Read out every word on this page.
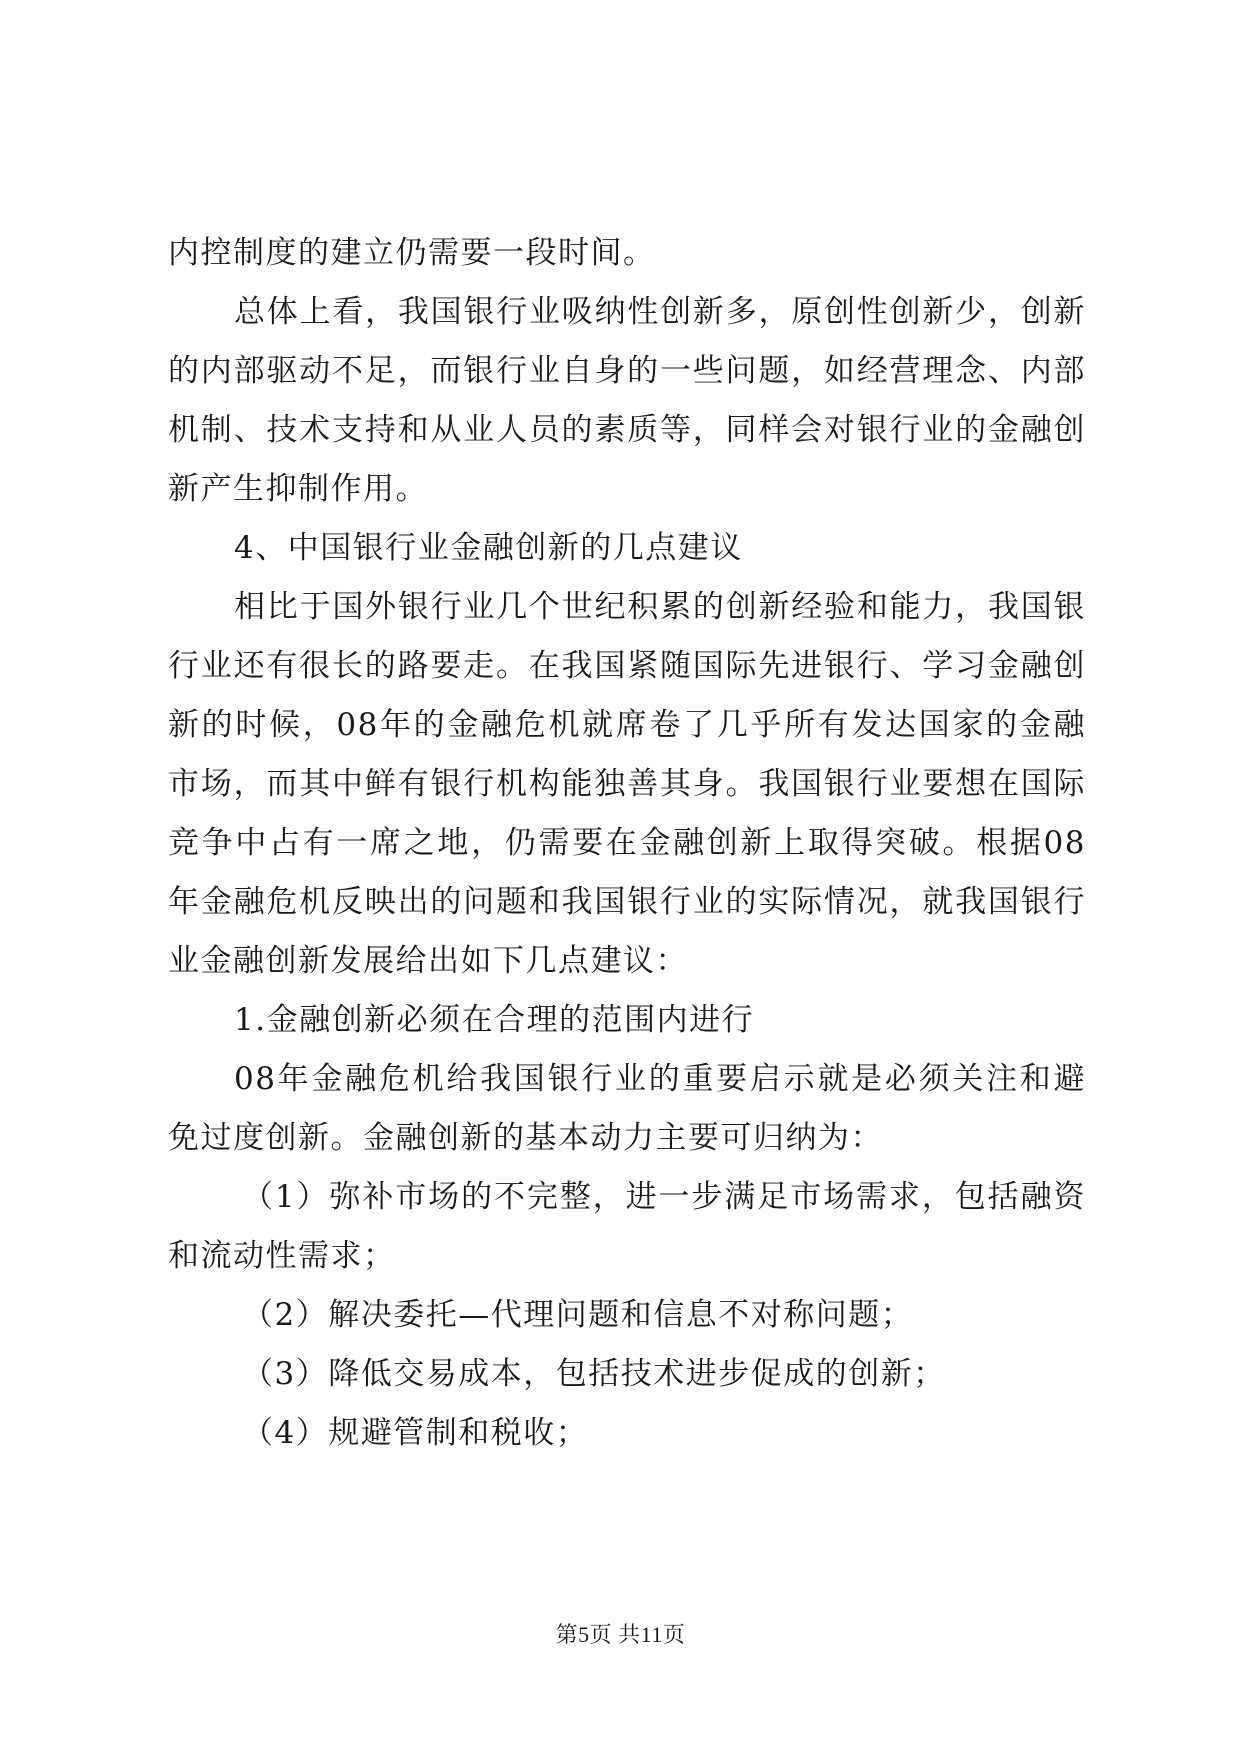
内控制度的建立仍需要一段时间。

总体上看，我国银行业吸纳性创新多，原创性创新少，创新的内部驱动不足，而银行业自身的一些问题，如经营理念、内部机制、技术支持和从业人员的素质等，同样会对银行业的金融创新产生抑制作用。

4、中国银行业金融创新的几点建议

相比于国外银行业几个世纪积累的创新经验和能力，我国银行业还有很长的路要走。在我国紧随国际先进银行、学习金融创新的时候，08年的金融危机就席卷了几乎所有发达国家的金融市场，而其中鲜有银行机构能独善其身。我国银行业要想在国际竞争中占有一席之地，仍需要在金融创新上取得突破。根据08年金融危机反映出的问题和我国银行业的实际情况，就我国银行业金融创新发展给出如下几点建议：

1.金融创新必须在合理的范围内进行

08年金融危机给我国银行业的重要启示就是必须关注和避免过度创新。金融创新的基本动力主要可归纳为：

（1）弥补市场的不完整，进一步满足市场需求，包括融资和流动性需求；

（2）解决委托—代理问题和信息不对称问题；

（3）降低交易成本，包括技术进步促成的创新；

（4）规避管制和税收；

第5页 共11页
